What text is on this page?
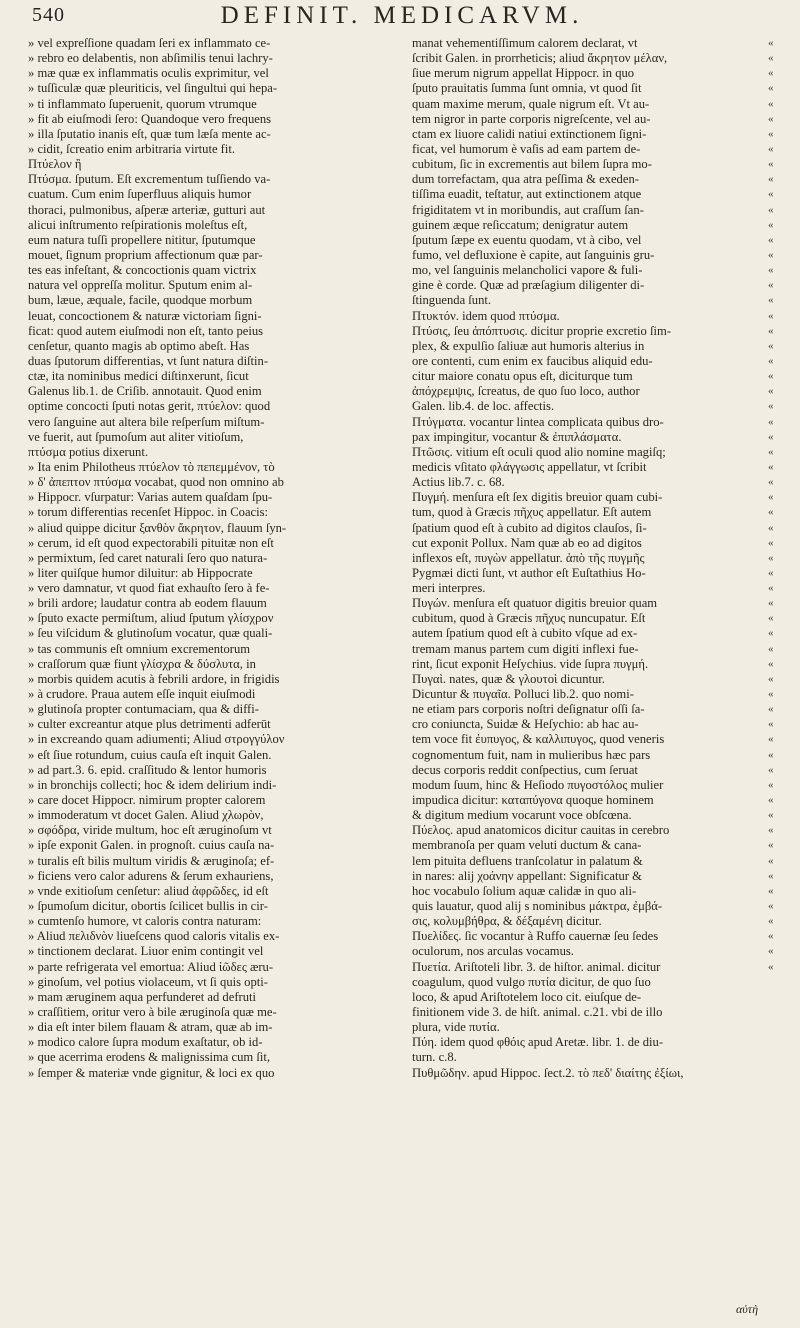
540	DEFINIT. MEDICARVM.
» vel expreſſione quadam ſeri ex inflammato ce-
» rebro eo delabentis, non abſimilis tenui lachry-
» mæ quæ ex inflammatis oculis exprimitur, vel
» tuſſiculæ quæ pleuriticis, vel ſingultui qui hepa-
» ti inflammato ſuperuenit, quorum vtrumque
» fit ab eiuſmodi ſero: Quandoque vero frequens
» illa ſputatio inanis eſt, quæ tum læſa mente ac-
» cidit, ſcreatio enim arbitraria virtute fit.
Πτύελον ἢ
Πτύσμα. ſputum. Eſt excrementum tuſſiendo va-
cuatum. Cum enim ſuperfluus aliquis humor
thoraci, pulmonibus, aſperæ arteriæ, gutturi aut
alicui inſtrumento reſpirationis moleſtus eſt,
eum natura tuſſi propellere nititur, ſputumque
mouet, ſignum proprium affectionum quæ par-
tes eas infeſtant, & concoctionis quam victrix
natura vel oppreſſa molitur. Sputum enim al-
bum, læue, æquale, facile, quodque morbum
leuat, concoctionem & naturæ victoriam ſigni-
ficat: quod autem eiuſmodi non eſt, tanto peius
cenſetur, quanto magis ab optimo abeſt. Has
duas ſputorum differentias, vt ſunt natura diſtin-
ctæ, ita nominibus medici diſtinxerunt, ſicut
Galenus lib.1. de Criſib. annotauit. Quod enim
optime concocti ſputi notas gerit, πτύελον: quod
vero ſanguine aut altera bile reſperſum miſtum-
ve fuerit, aut ſpumoſum aut aliter vitioſum,
πτύσμα potius dixerunt.
» Ita enim Philotheus πτύελον τὸ πεπεμμένον, τὸ
» δ' ἀπεπτον πτύσμα vocabat, quod non omnino ab
» Hippocr. vſurpatur: Varias autem quaſdam ſpu-
» torum differentias recenſet Hippoc. in Coacis:
» aliud quippe dicitur ξανθὸν ἄκρητον, flauum ſyn-
» cerum, id eſt quod expectorabili pituitæ non eſt
» permixtum, ſed caret naturali ſero quo natura-
» liter quiſque humor diluitur: ab Hippocrate
» vero damnatur, vt quod fiat exhauſto ſero à fe-
» brili ardore; laudatur contra ab eodem flauum
» ſputo exacte permiſtum, aliud ſputum γλίσχρον
» ſeu viſcidum & glutinoſum vocatur, quæ quali-
» tas communis eſt omnium excrementorum
» craſſorum quæ fiunt γλίσχρα & δύσλυτα, in
» morbis quidem acutis à febrili ardore, in frigidis
» à crudore. Praua autem eſſe inquit eiuſmodi
» glutinoſa propter contumaciam, qua & diffi-
» culter excreantur atque plus detrimenti adferūt
» in excreando quam adiumenti; Aliud στρογγύλον
» eſt ſiue rotundum, cuius cauſa eſt inquit Galen.
» ad part.3. 6. epid. craſſitudo & lentor humoris
» in bronchijs collecti; hoc & idem delirium indi-
» care docet Hippocr. nimirum propter calorem
» immoderatum vt docet Galen. Aliud χλωρὸν,
» σφόδρα, viride multum, hoc eſt æruginoſum vt
» ipſe exponit Galen. in prognoſt. cuius cauſa na-
» turalis eſt bilis multum viridis & æruginoſa; ef-
» ficiens vero calor adurens & ſerum exhauriens,
» vnde exitioſum cenſetur: aliud ἀφρῶδες, id eſt
» ſpumoſum dicitur, obortis ſcilicet bullis in cir-
» cumtenſo humore, vt caloris contra naturam:
» Aliud πελιδνὸν liueſcens quod caloris vitalis ex-
» tinctionem declarat. Liuor enim contingit vel
» parte refrigerata vel emortua: Aliud ἰῶδες æru-
» ginoſum, vel potius violaceum, vt ſi quis opti-
» mam æruginem aqua perfunderet ad defruti
» craſſitiem, oritur vero à bile æruginoſa quæ me-
» dia eſt inter bilem flauam & atram, quæ ab im-
» modico calore ſupra modum exaſtatur, ob id-
» que acerrima erodens & malignissima cum ſit,
» ſemper & materiæ vnde gignitur, & loci ex quo
manat vehementiſſimum calorem declarat, vt
ſcribit Galen. in prorrheticis; aliud ἄκρητον μέλαν,
ſiue merum nigrum appellat Hippocr. in quo
ſputo prauitatis ſumma ſunt omnia, vt quod ſit
quam maxime merum, quale nigrum eſt. Vt au-
tem nigror in parte corporis nigreſcente, vel au-
ctam ex liuore calidi natiui extinctionem ſigni-
ficat, vel humorum è vaſis ad eam partem de-
cubitum, ſic in excrementis aut bilem ſupra mo-
dum torrefactam, qua atra peſſima & exeden-
tiſſima euadit, teſtatur, aut extinctionem atque
frigiditatem vt in moribundis, aut craſſum ſan-
guinem æque reſiccatum; denigratur autem
ſputum ſæpe ex euentu quodam, vt à cibo, vel
fumo, vel defluxione è capite, aut ſanguinis gru-
mo, vel ſanguinis melancholici vapore & fuli-
gine è corde. Quæ ad præſagium diligenter di-
ſtinguenda ſunt.
Πτυκτόν. idem quod πτύσμα.
Πτύσις, ſeu ἀπόπτυσις. dicitur proprie excretio ſim-
plex, & expulſio ſaliuæ aut humoris alterius in
ore contenti, cum enim ex faucibus aliquid edu-
citur maiore conatu opus eſt, diciturque tum
ἀπόχρεμψις, ſcreatus, de quo ſuo loco, author
Galen. lib.4. de loc. affectis.
Πτύγματα. vocantur lintea complicata quibus dro-
pax impingitur, vocantur & ἐπιπλάσματα.
Πτῶσις. vitium eſt oculi quod alio nomine magiſq;
medicis vſitato φλάγγωσις appellatur, vt ſcribit
Actius lib.7. c. 68.
Πυγμή. menſura eſt ſex digitis breuior quam cubi-
tum, quod à Græcis πῆχυς appellatur. Eſt autem
ſpatium quod eſt à cubito ad digitos clauſos, ſi-
cut exponit Pollux. Nam quæ ab eo ad digitos
inflexos eſt, πυγὼν appellatur. ἀπὸ τῆς πυγμῆς
Pygmæi dicti ſunt, vt author eſt Euſtathius Ho-
meri interpres.
Πυγών. menſura eſt quatuor digitis breuior quam
cubitum, quod à Græcis πῆχυς nuncupatur. Eſt
autem ſpatium quod eſt à cubito vſque ad ex-
tremam manus partem cum digiti inflexi fue-
rint, ſicut exponit Heſychius. vide ſupra πυγμή.
Πυγαὶ. nates, quæ & γλουτοὶ dicuntur.
Dicuntur & πυγαῖα. Polluci lib.2. quo nomi-
ne etiam pars corporis noſtri deſignatur oſſi ſa-
cro coniuncta, Suidæ & Heſychio: ab hac au-
tem voce fit ἐυπυγος, & καλλιπυγος, quod veneris
cognomentum fuit, nam in mulieribus hæc pars
decus corporis reddit conſpectius, cum ſeruat
modum ſuum, hinc & Heſiodo πυγοστόλος mulier
impudica dicitur: καταπύγονα quoque hominem
& digitum medium vocarunt voce obſcœna.
Πύελος. apud anatomicos dicitur cauitas in cerebro
membranoſa per quam veluti ductum & cana-
lem pituita defluens tranſcolatur in palatum &
in nares: alij χοάνην appellant: Significatur &
hoc vocabulo ſolium aquæ calidæ in quo ali-
quis lauatur, quod alij s nominibus μάκτρα, ἐμβά-
σις, κολυμβήθρα, & δέξαμένη dicitur.
Πυελίδες. ſic vocantur à Ruffo cauernæ ſeu ſedes
oculorum, nos arculas vocamus.
Πυετία. Ariſtoteli libr. 3. de hiſtor. animal. dicitur
coagulum, quod vulgo πυτία dicitur, de quo ſuo
loco, & apud Ariſtotelem loco cit. eiuſque de-
finitionem vide 3. de hiſt. animal. c.21. vbi de illo
plura, vide πυτία.
Πύη. idem quod φθόις apud Aretæ. libr. 1. de diu-
turn. c.8.
Πυθμῶδην. apud Hippoc. ſect.2. τὸ πεδ' διαίτης ἐξίωι,
«
«
«
«
«
«
«
«
«
«
«
«
«
«
«
«
«
«
«
«
«
«
«
«
«
«
«
«
«
«
«
«
«
«
«
«
«
«
«
«
«
«
«
«
«
«
«
«
«
«
«
«
«
«
«
«
«
«
«
«
«
«
αὐτὴ
